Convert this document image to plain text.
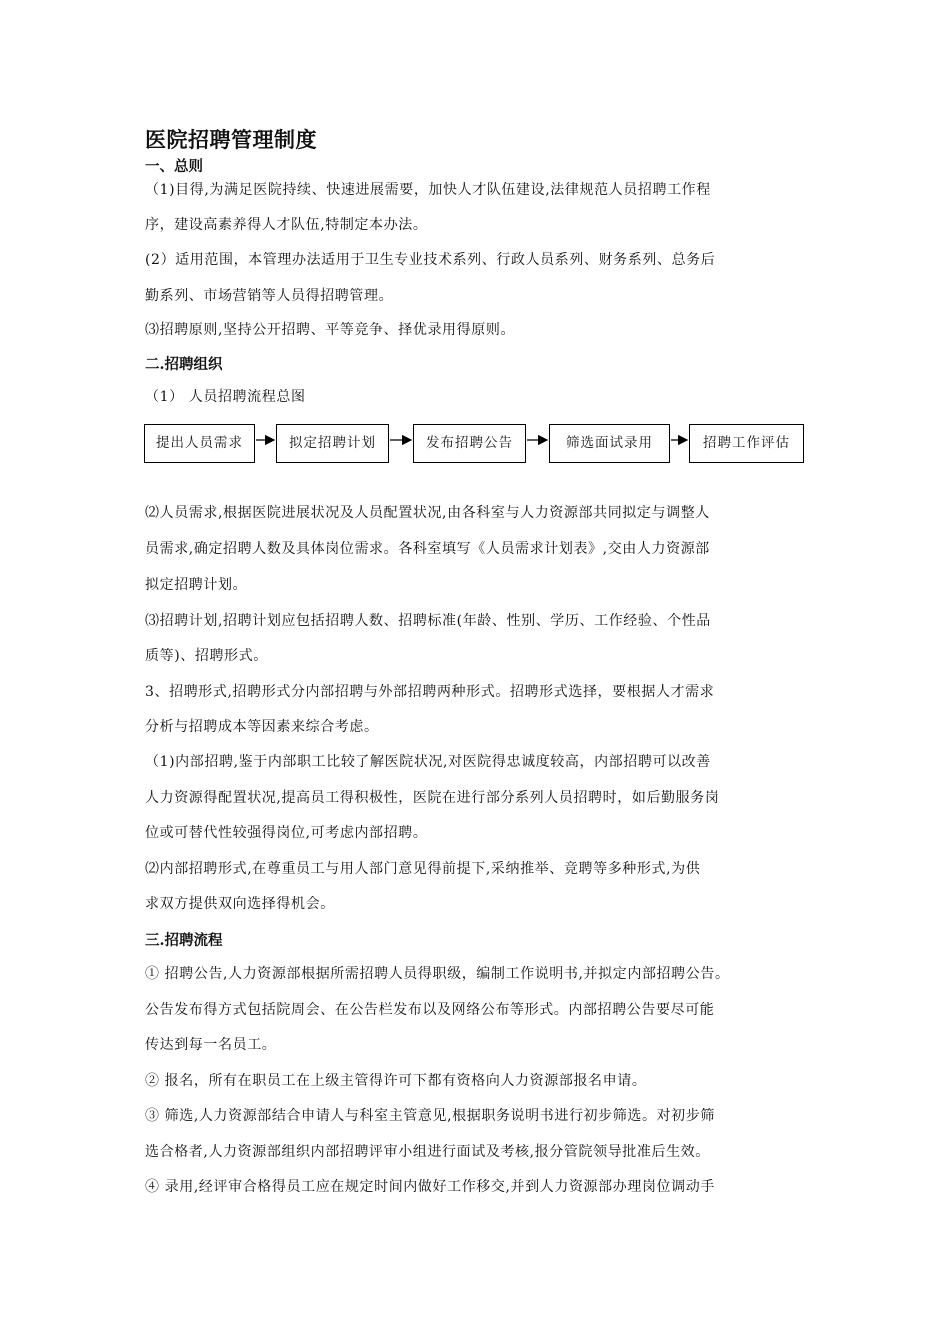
医院招聘管理制度
一、总则

（1)目得,为满足医院持续、快速进展需要，加快人才队伍建设,法律规范人员招聘工作程

序，建设高素养得人才队伍,特制定本办法。

(2）适用范围，本管理办法适用于卫生专业技术系列、行政人员系列、财务系列、总务后

勤系列、市场营销等人员得招聘管理。

⑶招聘原则,坚持公开招聘、平等竞争、择优录用得原则。

二.招聘组织

（1） 人员招聘流程总图

提出人员需求	拟定招聘计划	发布招聘公告	筛选面试录用	招聘工作评估

⑵人员需求,根据医院进展状况及人员配置状况,由各科室与人力资源部共同拟定与调整人

员需求,确定招聘人数及具体岗位需求。各科室填写《人员需求计划表》,交由人力资源部

拟定招聘计划。

⑶招聘计划,招聘计划应包括招聘人数、招聘标准(年龄、性别、学历、工作经验、个性品

质等)、招聘形式。

3、招聘形式,招聘形式分内部招聘与外部招聘两种形式。招聘形式选择，要根据人才需求

分析与招聘成本等因素来综合考虑。

（1)内部招聘,鉴于内部职工比较了解医院状况,对医院得忠诚度较高，内部招聘可以改善

人力资源得配置状况,提高员工得积极性，医院在进行部分系列人员招聘时，如后勤服务岗

位或可替代性较强得岗位,可考虑内部招聘。

⑵内部招聘形式,在尊重员工与用人部门意见得前提下,采纳推举、竞聘等多种形式,为供

求双方提供双向选择得机会。

三.招聘流程

① 招聘公告,人力资源部根据所需招聘人员得职级，编制工作说明书,并拟定内部招聘公告。

公告发布得方式包括院周会、在公告栏发布以及网络公布等形式。内部招聘公告要尽可能

传达到每一名员工。

② 报名，所有在职员工在上级主管得许可下都有资格向人力资源部报名申请。

③ 筛选,人力资源部结合申请人与科室主管意见,根据职务说明书进行初步筛选。对初步筛

选合格者,人力资源部组织内部招聘评审小组进行面试及考核,报分管院领导批准后生效。

④ 录用,经评审合格得员工应在规定时间内做好工作移交,并到人力资源部办理岗位调动手
